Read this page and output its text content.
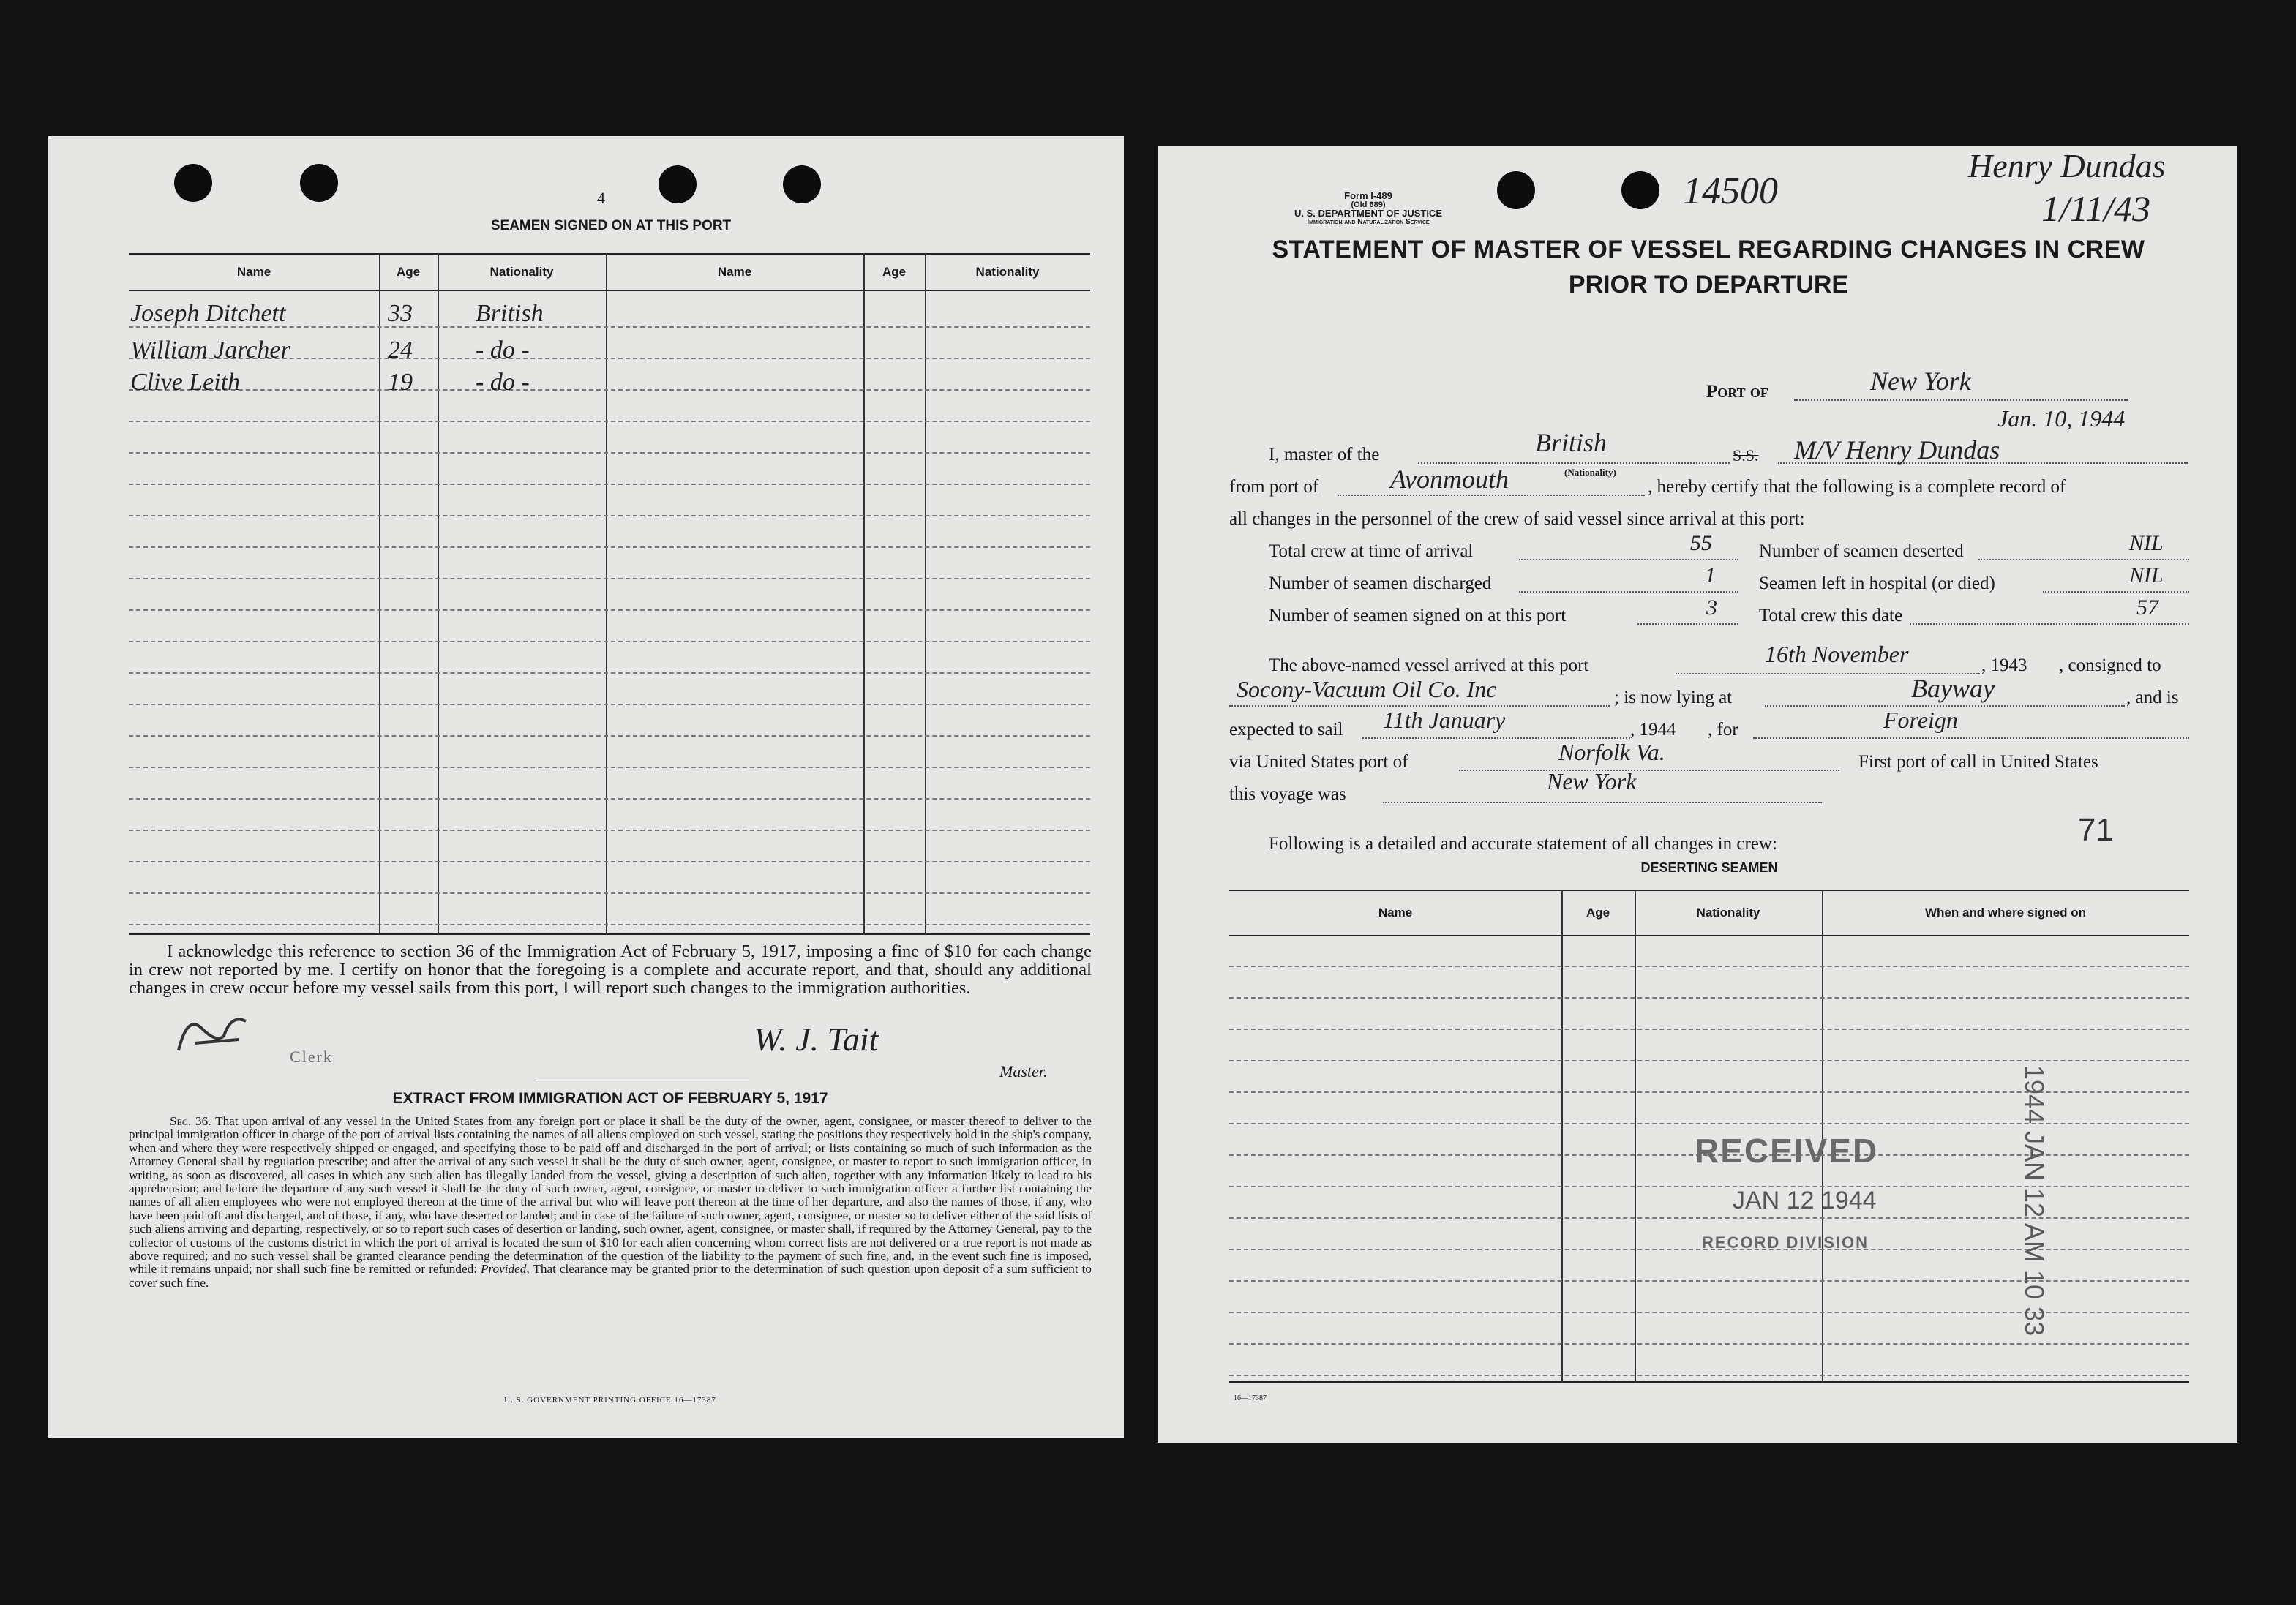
4
SEAMEN SIGNED ON AT THIS PORT
Name	Age	Nationality	Name	Age	Nationality
Joseph Ditchett	33	British
William Jarcher	24	- do -
Clive Leith	19	- do -
I acknowledge this reference to section 36 of the Immigration Act of February 5, 1917, imposing a fine of $10 for each change in crew not reported by me. I certify on honor that the foregoing is a complete and accurate report, and that, should any additional changes in crew occur before my vessel sails from this port, I will report such changes to the immigration authorities.
Clerk	W. J. Tait
Master.
EXTRACT FROM IMMIGRATION ACT OF FEBRUARY 5, 1917
Sec. 36. That upon arrival of any vessel in the United States from any foreign port or place it shall be the duty of the owner, agent, consignee, or master thereof to deliver to the principal immigration officer in charge of the port of arrival lists containing the names of all aliens employed on such vessel, stating the positions they respectively hold in the ship's company, when and where they were respectively shipped or engaged, and specifying those to be paid off and discharged in the port of arrival; or lists containing so much of such information as the Attorney General shall by regulation prescribe; and after the arrival of any such vessel it shall be the duty of such owner, agent, consignee, or master to report to such immigration officer, in writing, as soon as discovered, all cases in which any such alien has illegally landed from the vessel, giving a description of such alien, together with any information likely to lead to his apprehension; and before the departure of any such vessel it shall be the duty of such owner, agent, consignee, or master to deliver to such immigration officer a further list containing the names of all alien employees who were not employed thereon at the time of the arrival but who will leave port thereon at the time of her departure, and also the names of those, if any, who have been paid off and discharged, and of those, if any, who have deserted or landed; and in case of the failure of such owner, agent, consignee, or master so to deliver either of the said lists of such aliens arriving and departing, respectively, or so to report such cases of desertion or landing, such owner, agent, consignee, or master shall, if required by the Attorney General, pay to the collector of customs of the customs district in which the port of arrival is located the sum of $10 for each alien concerning whom correct lists are not delivered or a true report is not made as above required; and no such vessel shall be granted clearance pending the determination of the question of the liability to the payment of such fine, and, in the event such fine is imposed, while it remains unpaid; nor shall such fine be remitted or refunded: Provided, That clearance may be granted prior to the determination of such question upon deposit of a sum sufficient to cover such fine.
U. S. GOVERNMENT PRINTING OFFICE 16—17387
Form I-489
(Old 689)
U. S. DEPARTMENT OF JUSTICE
Immigration and Naturalization Service
14500
Henry Dundas
1/11/43
STATEMENT OF MASTER OF VESSEL REGARDING CHANGES IN CREW
PRIOR TO DEPARTURE
Port of	New York
Jan. 10, 1944
I, master of the	British
(Nationality)
S.S. M/V Henry Dundas
from port of	Avonmouth	, hereby certify that the following is a complete record of
all changes in the personnel of the crew of said vessel since arrival at this port:
Total crew at time of arrival	55
Number of seamen discharged	1
Number of seamen signed on at this port	3
Number of seamen deserted	NIL
Seamen left in hospital (or died)	NIL
Total crew this date	57
The above-named vessel arrived at this port	16th November	, 1943 , consigned to
Socony-Vacuum Oil Co. Inc	; is now lying at	Bayway	, and is
expected to sail 11th January	, 1944 , for	Foreign
via United States port of	Norfolk Va.	First port of call in United States
this voyage was	New York
Following is a detailed and accurate statement of all changes in crew:	71
DESERTING SEAMEN
Name	Age	Nationality	When and where signed on
RECEIVED
JAN 12 1944
RECORD DIVISION	1944 JAN 12 AM 10 33
16—17387
